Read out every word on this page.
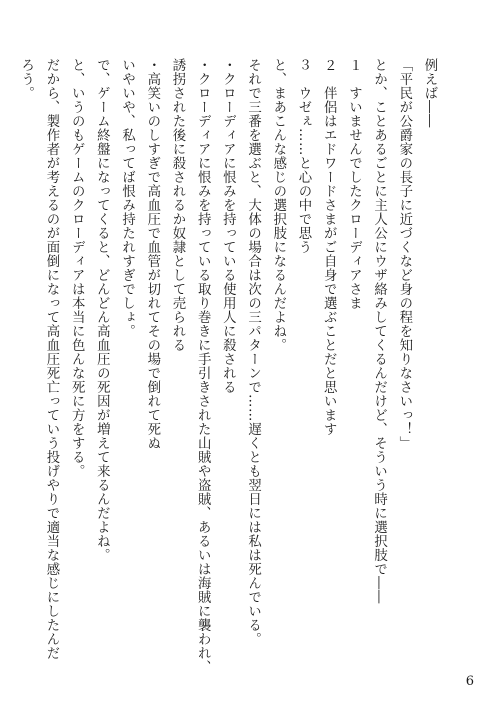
例えば――
「平民が公爵家の長子に近づくなど身の程を知りなさいっ！」
とか、ことあるごとに主人公にウザ絡みしてくるんだけど、そういう時に選択肢で――
１　すいませんでしたクローディアさま
２　伴侶はエドワードさまがご自身で選ぶことだと思います
３　ウゼぇ……と心の中で思う
と、まあこんな感じの選択肢になるんだよね。
それで三番を選ぶと、大体の場合は次の三パターンで……遅くとも翌日には私は死んでいる。
・クローディアに恨みを持っている使用人に殺される
・クローディアに恨みを持っている取り巻きに手引きされた山賊や盗賊、あるいは海賊に襲われ、
誘拐された後に殺されるか奴隷として売られる
・高笑いのしすぎで高血圧で血管が切れてその場で倒れて死ぬ
いやいや、私ってば恨み持たれすぎでしょ。
で、ゲーム終盤になってくると、どんどん高血圧の死因が増えて来るんだよね。
と、いうのもゲームのクローディアは本当に色んな死に方をする。
だから、製作者が考えるのが面倒になって高血圧死亡っていう投げやりで適当な感じにしたんだ
ろう。
6
